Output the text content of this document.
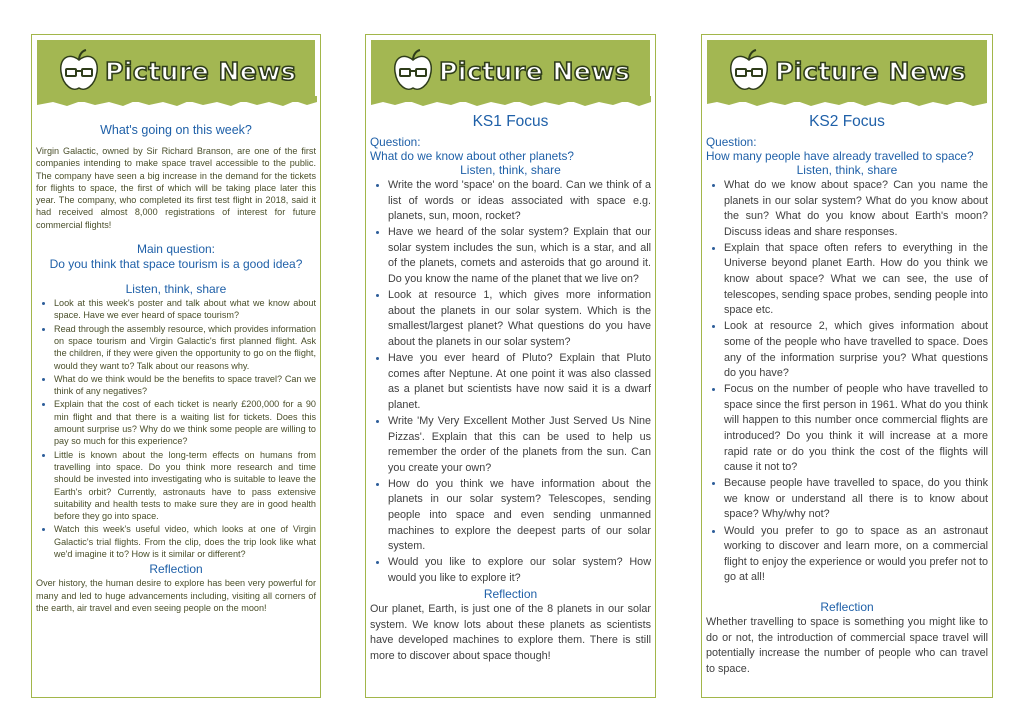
Picture News
What's going on this week?

Virgin Galactic, owned by Sir Richard Branson, are one of the first companies intending to make space travel accessible to the public. The company have seen a big increase in the demand for the tickets for flights to space, the first of which will be taking place later this year. The company, who completed its first test flight in 2018, said it had received almost 8,000 registrations of interest for future commercial flights!

Main question:
Do you think that space tourism is a good idea?
Listen, think, share
• Look at this week's poster and talk about what we know about space. Have we ever heard of space tourism?
• Read through the assembly resource, which provides information on space tourism and Virgin Galactic's first planned flight. Ask the children, if they were given the opportunity to go on the flight, would they want to? Talk about our reasons why.
• What do we think would be the benefits to space travel? Can we think of any negatives?
• Explain that the cost of each ticket is nearly £200,000 for a 90 min flight and that there is a waiting list for tickets. Does this amount surprise us? Why do we think some people are willing to pay so much for this experience?
• Little is known about the long-term effects on humans from travelling into space. Do you think more research and time should be invested into investigating who is suitable to leave the Earth's orbit? Currently, astronauts have to pass extensive suitability and health tests to make sure they are in good health before they go into space.
• Watch this week's useful video, which looks at one of Virgin Galactic's trial flights. From the clip, does the trip look like what we'd imagine it to? How is it similar or different?
Reflection

Over history, the human desire to explore has been very powerful for many and led to huge advancements including, visiting all corners of the earth, air travel and even seeing people on the moon!

Picture News
KS1 Focus
Question:
What do we know about other planets?
Listen, think, share
• Write the word 'space' on the board. Can we think of a list of words or ideas associated with space e.g. planets, sun, moon, rocket?
• Have we heard of the solar system? Explain that our solar system includes the sun, which is a star, and all of the planets, comets and asteroids that go around it. Do you know the name of the planet that we live on?
• Look at resource 1, which gives more information about the planets in our solar system. Which is the smallest/largest planet? What questions do you have about the planets in our solar system?
• Have you ever heard of Pluto? Explain that Pluto comes after Neptune. At one point it was also classed as a planet but scientists have now said it is a dwarf planet.
• Write 'My Very Excellent Mother Just Served Us Nine Pizzas'. Explain that this can be used to help us remember the order of the planets from the sun. Can you create your own?
• How do you think we have information about the planets in our solar system? Telescopes, sending people into space and even sending unmanned machines to explore the deepest parts of our solar system.
• Would you like to explore our solar system? How would you like to explore it?
Reflection

Our planet, Earth, is just one of the 8 planets in our solar system. We know lots about these planets as scientists have developed machines to explore them. There is still more to discover about space though!

Picture News
KS2 Focus
Question:
How many people have already travelled to space?
Listen, think, share
• What do we know about space? Can you name the planets in our solar system? What do you know about the sun? What do you know about Earth's moon? Discuss ideas and share responses.
• Explain that space often refers to everything in the Universe beyond planet Earth. How do you think we know about space? What we can see, the use of telescopes, sending space probes, sending people into space etc.
• Look at resource 2, which gives information about some of the people who have travelled to space. Does any of the information surprise you? What questions do you have?
• Focus on the number of people who have travelled to space since the first person in 1961. What do you think will happen to this number once commercial flights are introduced? Do you think it will increase at a more rapid rate or do you think the cost of the flights will cause it not to?
• Because people have travelled to space, do you think we know or understand all there is to know about space? Why/why not?
• Would you prefer to go to space as an astronaut working to discover and learn more, on a commercial flight to enjoy the experience or would you prefer not to go at all!
Reflection

Whether travelling to space is something you might like to do or not, the introduction of commercial space travel will potentially increase the number of people who can travel to space.
